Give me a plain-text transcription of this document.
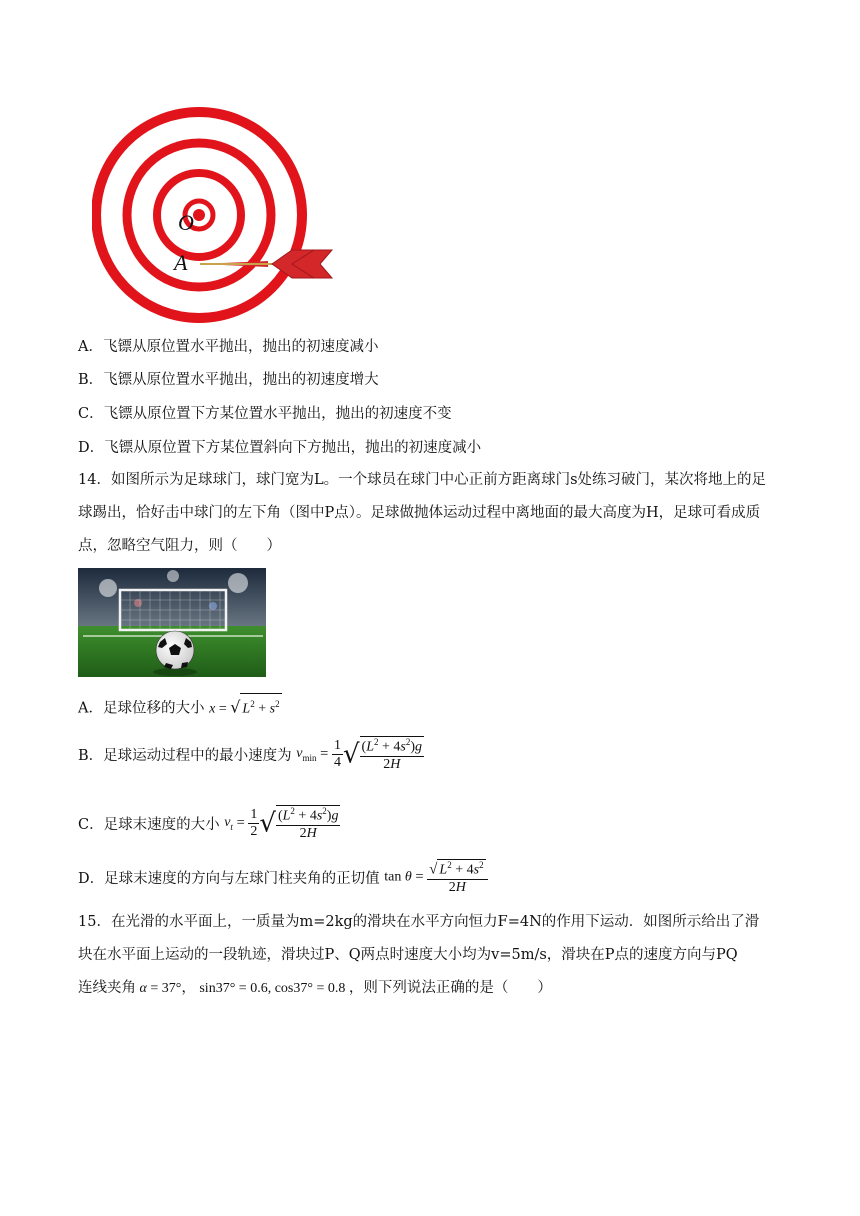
O
A
A．飞镖从原位置水平抛出，抛出的初速度减小
B．飞镖从原位置水平抛出，抛出的初速度增大
C．飞镖从原位置下方某位置水平抛出，抛出的初速度不变
D．飞镖从原位置下方某位置斜向下方抛出，抛出的初速度减小
14．如图所示为足球球门，球门宽为L。一个球员在球门中心正前方距离球门s处练习破门，某次将地上的足球踢出，恰好击中球门的左下角（图中P点）。足球做抛体运动过程中离地面的最大高度为H，足球可看成质点，忽略空气阻力，则（　　）
A．足球位移的大小 x = √ $L^2 + s^2$
B．足球运动过程中的最小速度为 $v_{min} = \frac{1}{4}$ √ $\frac{(L^2 + 4s^2)g}{2H}$
C．足球末速度的大小 $v_t = \frac{1}{2}$ √ $\frac{(L^2 + 4s^2)g}{2H}$
D．足球末速度的方向与左球门柱夹角的正切值 $\tan \theta = \frac{√ L^2 + 4s^2}{2H}$
15．在光滑的水平面上，一质量为m=2kg的滑块在水平方向恒力F=4N的作用下运动．如图所示给出了滑
块在水平面上运动的一段轨迹，滑块过P、Q两点时速度大小均为v=5m/s，滑块在P点的速度方向与PQ
连线夹角 α = 37°， sin37° = 0.6, cos37° = 0.8 ，则下列说法正确的是（　　）
